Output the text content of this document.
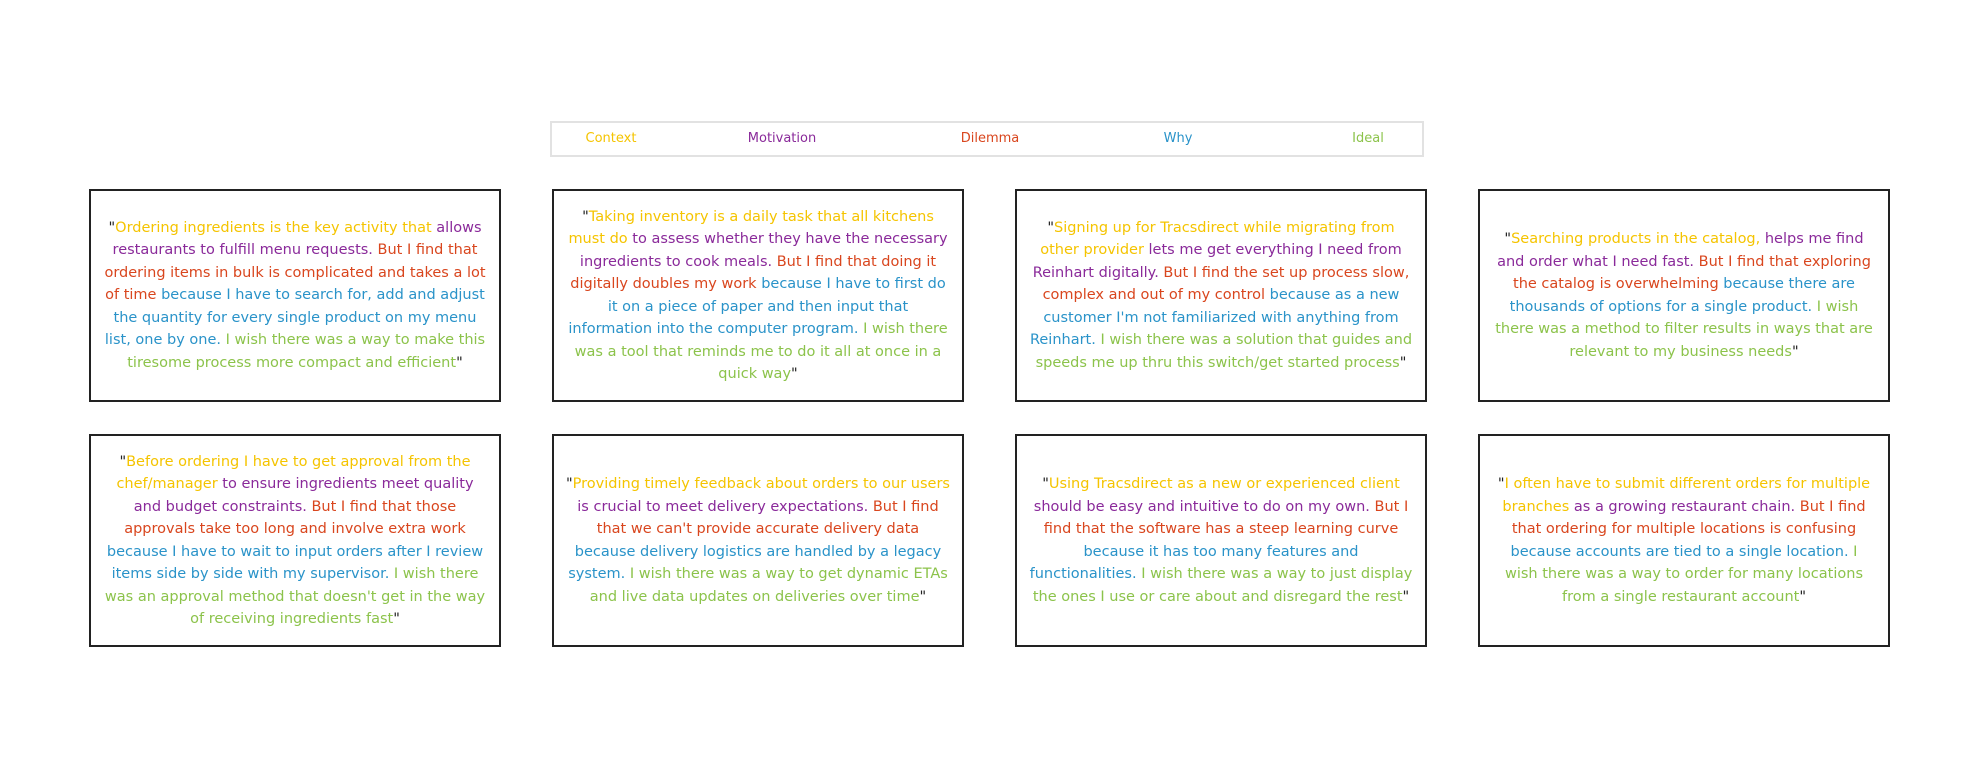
Context	Motivation	Dilemma	Why	Ideal

"Ordering ingredients is the key activity that allows restaurants to fulfill menu requests. But I find that ordering items in bulk is complicated and takes a lot of time because I have to search for, add and adjust the quantity for every single product on my menu list, one by one. I wish there was a way to make this tiresome process more compact and efficient"

"Taking inventory is a daily task that all kitchens must do to assess whether they have the necessary ingredients to cook meals. But I find that doing it digitally doubles my work because I have to first do it on a piece of paper and then input that information into the computer program. I wish there was a tool that reminds me to do it all at once in a quick way"

"Signing up for Tracsdirect while migrating from other provider lets me get everything I need from Reinhart digitally. But I find the set up process slow, complex and out of my control because as a new customer I'm not familiarized with anything from Reinhart. I wish there was a solution that guides and speeds me up thru this switch/get started process"

"Searching products in the catalog, helps me find and order what I need fast. But I find that exploring the catalog is overwhelming because there are thousands of options for a single product. I wish there was a method to filter results in ways that are relevant to my business needs"

"Before ordering I have to get approval from the chef/manager to ensure ingredients meet quality and budget constraints. But I find that those approvals take too long and involve extra work because I have to wait to input orders after I review items side by side with my supervisor. I wish there was an approval method that doesn't get in the way of receiving ingredients fast"

"Providing timely feedback about orders to our users is crucial to meet delivery expectations. But I find that we can't provide accurate delivery data because delivery logistics are handled by a legacy system. I wish there was a way to get dynamic ETAs and live data updates on deliveries over time"

"Using Tracsdirect as a new or experienced client should be easy and intuitive to do on my own. But I find that the software has a steep learning curve because it has too many features and functionalities. I wish there was a way to just display the ones I use or care about and disregard the rest"

"I often have to submit different orders for multiple branches as a growing restaurant chain. But I find that ordering for multiple locations is confusing because accounts are tied to a single location. I wish there was a way to order for many locations from a single restaurant account"
